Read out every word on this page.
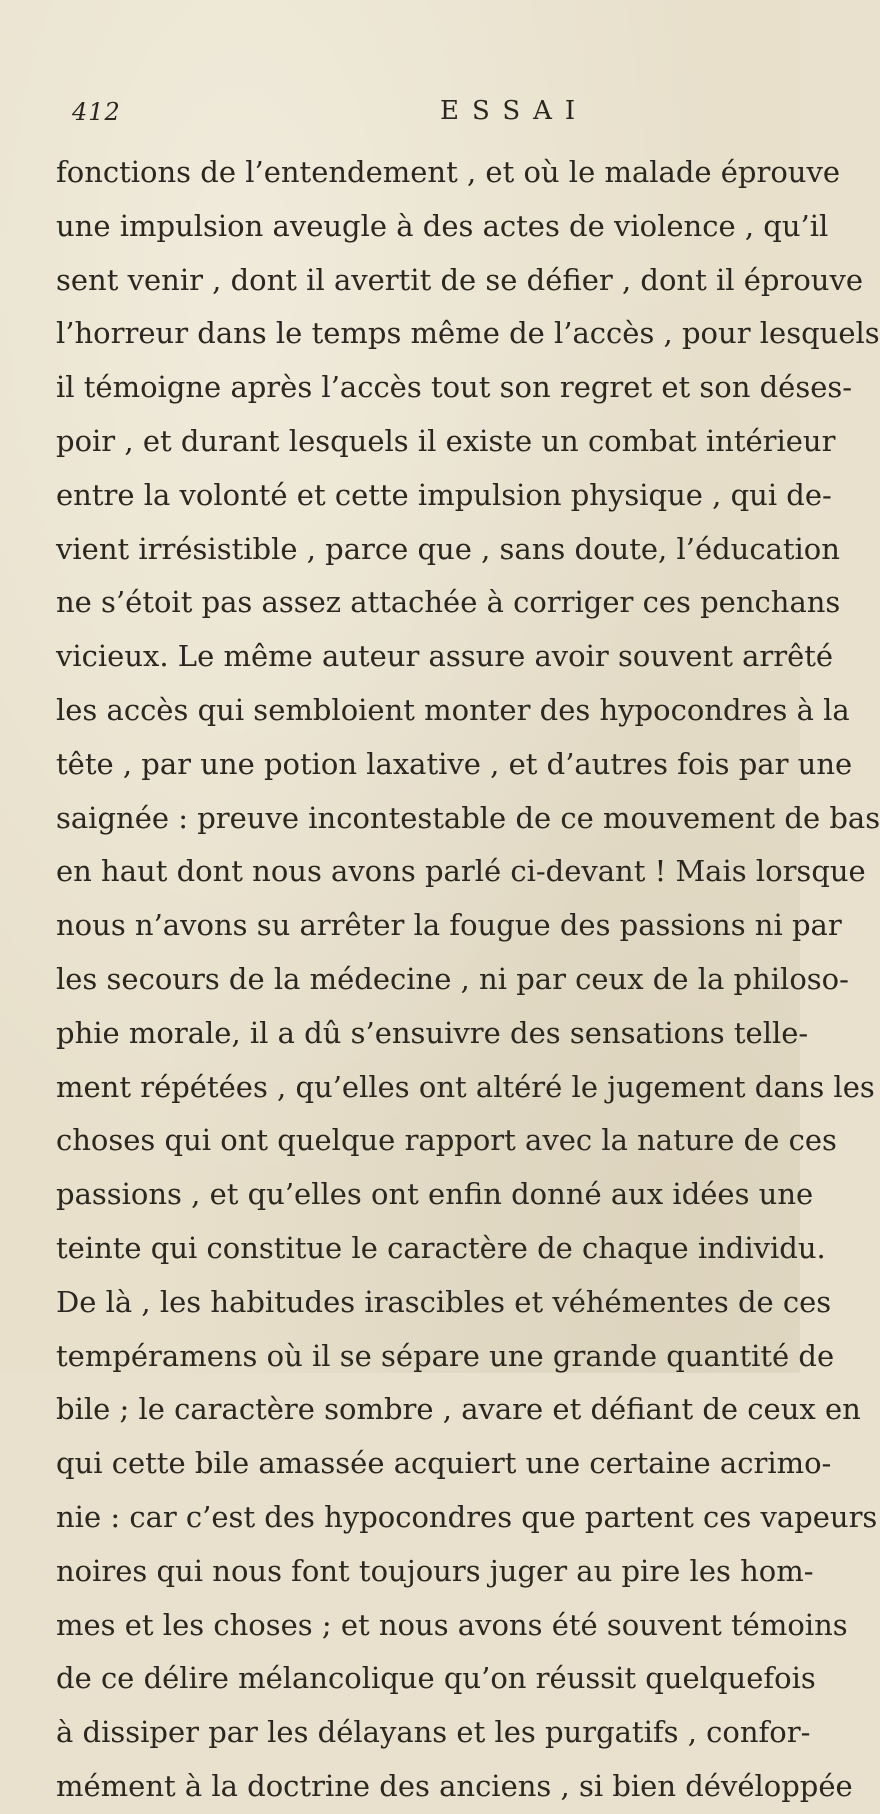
412	ESSAI
fonctions de l’entendement , et où le malade éprouve
une impulsion aveugle à des actes de violence , qu’il
sent venir , dont il avertit de se défier , dont il éprouve
l’horreur dans le temps même de l’accès , pour lesquels
il témoigne après l’accès tout son regret et son déses-
poir , et durant lesquels il existe un combat intérieur
entre la volonté et cette impulsion physique , qui de-
vient irrésistible , parce que , sans doute, l’éducation
ne s’étoit pas assez attachée à corriger ces penchans
vicieux. Le même auteur assure avoir souvent arrêté
les accès qui sembloient monter des hypocondres à la
tête , par une potion laxative , et d’autres fois par une
saignée : preuve incontestable de ce mouvement de bas
en haut dont nous avons parlé ci-devant ! Mais lorsque
nous n’avons su arrêter la fougue des passions ni par
les secours de la médecine , ni par ceux de la philoso-
phie morale, il a dû s’ensuivre des sensations telle-
ment répétées , qu’elles ont altéré le jugement dans les
choses qui ont quelque rapport avec la nature de ces
passions , et qu’elles ont enfin donné aux idées une
teinte qui constitue le caractère de chaque individu.
De là , les habitudes irascibles et véhémentes de ces
tempéramens où il se sépare une grande quantité de
bile ; le caractère sombre , avare et défiant de ceux en
qui cette bile amassée acquiert une certaine acrimo-
nie : car c’est des hypocondres que partent ces vapeurs
noires qui nous font toujours juger au pire les hom-
mes et les choses ; et nous avons été souvent témoins
de ce délire mélancolique qu’on réussit quelquefois
à dissiper par les délayans et les purgatifs , confor-
mément à la doctrine des anciens , si bien dévéloppée
